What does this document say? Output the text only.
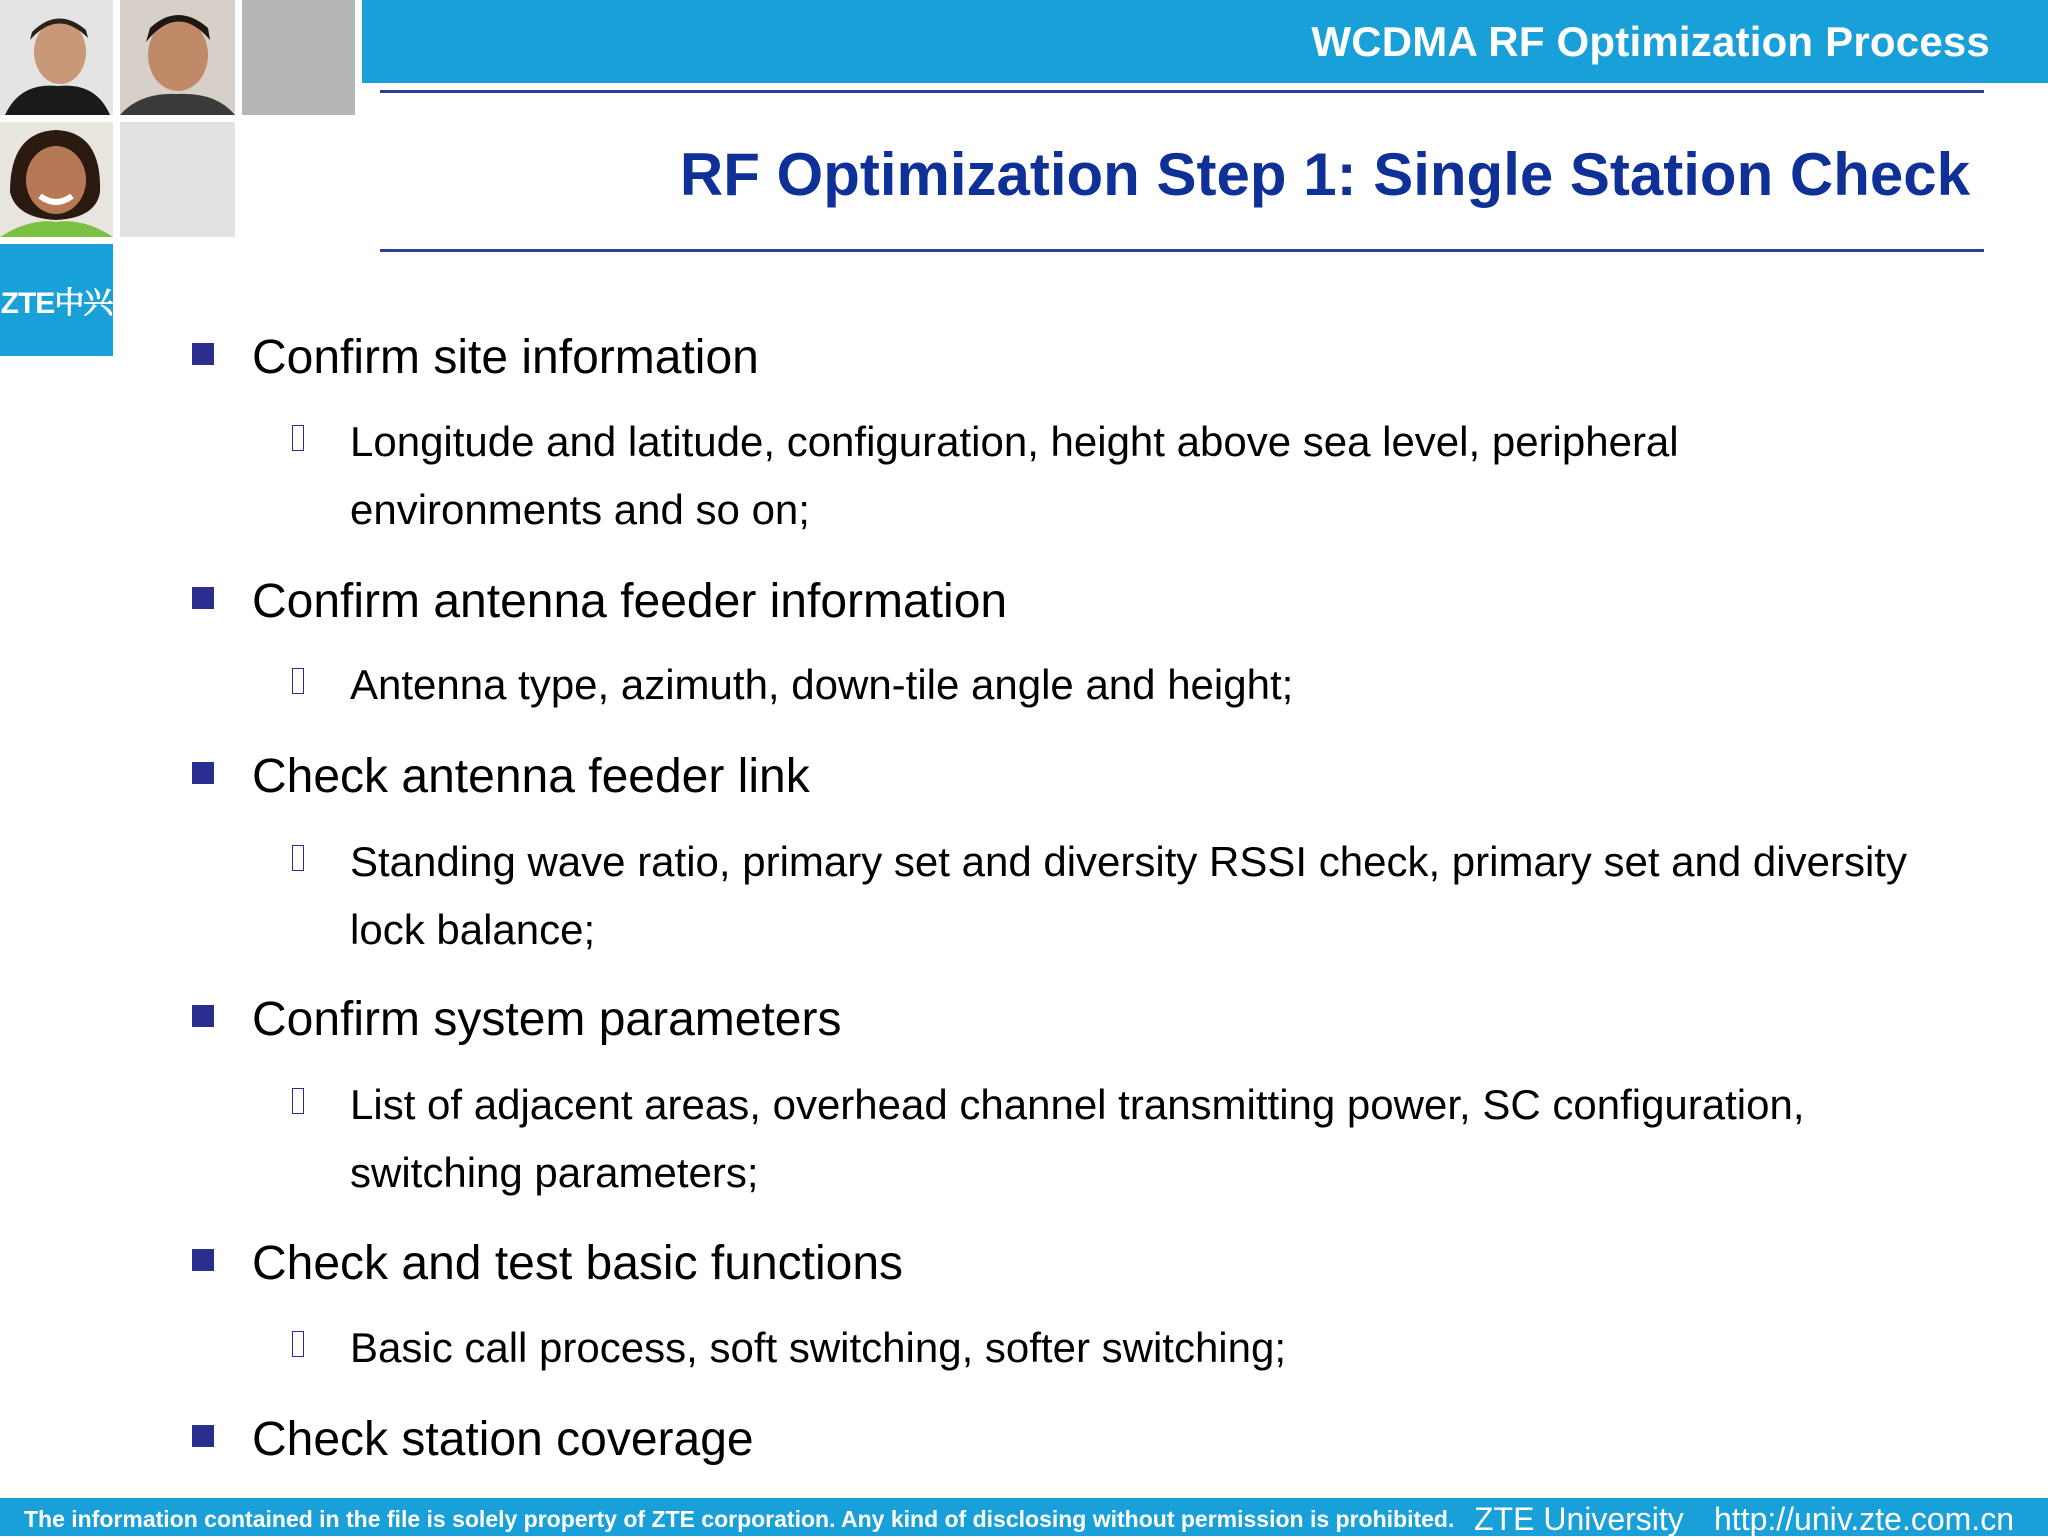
WCDMA RF Optimization Process
RF Optimization Step 1: Single Station Check
ZTE中兴
Confirm site information
Longitude and latitude, configuration, height above sea level, peripheral environments and so on;
Confirm antenna feeder information
Antenna type, azimuth, down-tile angle and height;
Check antenna feeder link
Standing wave ratio, primary set and diversity RSSI check, primary set and diversity lock balance;
Confirm system parameters
List of adjacent areas, overhead channel transmitting power, SC configuration, switching parameters;
Check and test basic functions
Basic call process, soft switching, softer switching;
Check station coverage
The information contained in the file is solely property of ZTE corporation. Any kind of disclosing without permission is prohibited. ZTE University http://univ.zte.com.cn
